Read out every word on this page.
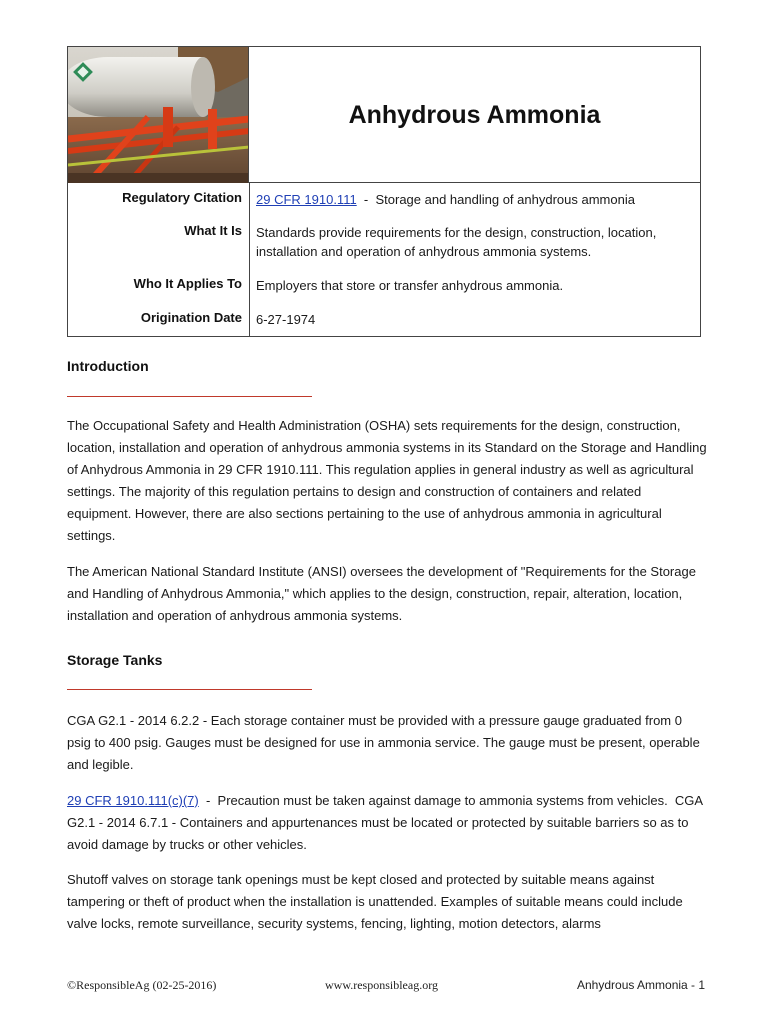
Anhydrous Ammonia
Regulatory Citation 29 CFR 1910.111  -  Storage and handling of anhydrous ammonia
What It Is Standards provide requirements for the design, construction, location, installation and operation of anhydrous ammonia systems.
Who It Applies To Employers that store or transfer anhydrous ammonia.
Origination Date 6-27-1974
Introduction
The Occupational Safety and Health Administration (OSHA) sets requirements for the design, construction, location, installation and operation of anhydrous ammonia systems in its Standard on the Storage and Handling of Anhydrous Ammonia in 29 CFR 1910.111. This regulation applies in general industry as well as agricultural settings. The majority of this regulation pertains to design and construction of containers and related equipment. However, there are also sections pertaining to the use of anhydrous ammonia in agricultural settings.
The American National Standard Institute (ANSI) oversees the development of "Requirements for the Storage and Handling of Anhydrous Ammonia," which applies to the design, construction, repair, alteration, location, installation and operation of anhydrous ammonia systems.
Storage Tanks
CGA G2.1 - 2014 6.2.2 - Each storage container must be provided with a pressure gauge graduated from 0 psig to 400 psig. Gauges must be designed for use in ammonia service. The gauge must be present, operable and legible.
29 CFR 1910.111(c)(7)  -  Precaution must be taken against damage to ammonia systems from vehicles.  CGA G2.1 - 2014 6.7.1 - Containers and appurtenances must be located or protected by suitable barriers so as to avoid damage by trucks or other vehicles.
Shutoff valves on storage tank openings must be kept closed and protected by suitable means against tampering or theft of product when the installation is unattended. Examples of suitable means could include valve locks, remote surveillance, security systems, fencing, lighting, motion detectors, alarms
©ResponsibleAg (02-25-2016)	www.responsibleag.org	Anhydrous Ammonia - 1
